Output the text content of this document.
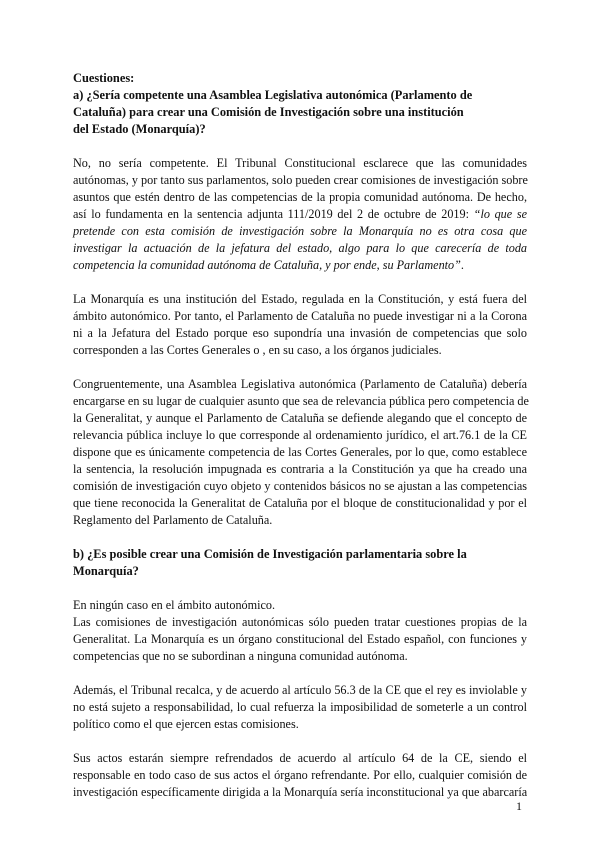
Cuestiones:
a) ¿Sería competente una Asamblea Legislativa autonómica (Parlamento de
Cataluña) para crear una Comisión de Investigación sobre una institución
del Estado (Monarquía)?

No, no sería competente. El Tribunal Constitucional esclarece que las comunidades
autónomas, y por tanto sus parlamentos, solo pueden crear comisiones de investigación sobre
asuntos que estén dentro de las competencias de la propia comunidad autónoma. De hecho,
así lo fundamenta en la sentencia adjunta 111/2019 del 2 de octubre de 2019: “lo que se
pretende con esta comisión de investigación sobre la Monarquía no es otra cosa que
investigar la actuación de la jefatura del estado, algo para lo que carecería de toda
competencia la comunidad autónoma de Cataluña, y por ende, su Parlamento”.

La Monarquía es una institución del Estado, regulada en la Constitución, y está fuera del
ámbito autonómico. Por tanto, el Parlamento de Cataluña no puede investigar ni a la Corona
ni a la Jefatura del Estado porque eso supondría una invasión de competencias que solo
corresponden a las Cortes Generales o , en su caso, a los órganos judiciales.

Congruentemente, una Asamblea Legislativa autonómica (Parlamento de Cataluña) debería
encargarse en su lugar de cualquier asunto que sea de relevancia pública pero competencia de
la Generalitat, y aunque el Parlamento de Cataluña se defiende alegando que el concepto de
relevancia pública incluye lo que corresponde al ordenamiento jurídico, el art.76.1 de la CE
dispone que es únicamente competencia de las Cortes Generales, por lo que, como establece
la sentencia, la resolución impugnada es contraria a la Constitución ya que ha creado una
comisión de investigación cuyo objeto y contenidos básicos no se ajustan a las competencias
que tiene reconocida la Generalitat de Cataluña por el bloque de constitucionalidad y por el
Reglamento del Parlamento de Cataluña.

b) ¿Es posible crear una Comisión de Investigación parlamentaria sobre la
Monarquía?

En ningún caso en el ámbito autonómico.
Las comisiones de investigación autonómicas sólo pueden tratar cuestiones propias de la
Generalitat. La Monarquía es un órgano constitucional del Estado español, con funciones y
competencias que no se subordinan a ninguna comunidad autónoma.

Además, el Tribunal recalca, y de acuerdo al artículo 56.3 de la CE que el rey es inviolable y
no está sujeto a responsabilidad, lo cual refuerza la imposibilidad de someterle a un control
político como el que ejercen estas comisiones.

Sus actos estarán siempre refrendados de acuerdo al artículo 64 de la CE, siendo el
responsable en todo caso de sus actos el órgano refrendante. Por ello, cualquier comisión de
investigación específicamente dirigida a la Monarquía sería inconstitucional ya que abarcaría

1
